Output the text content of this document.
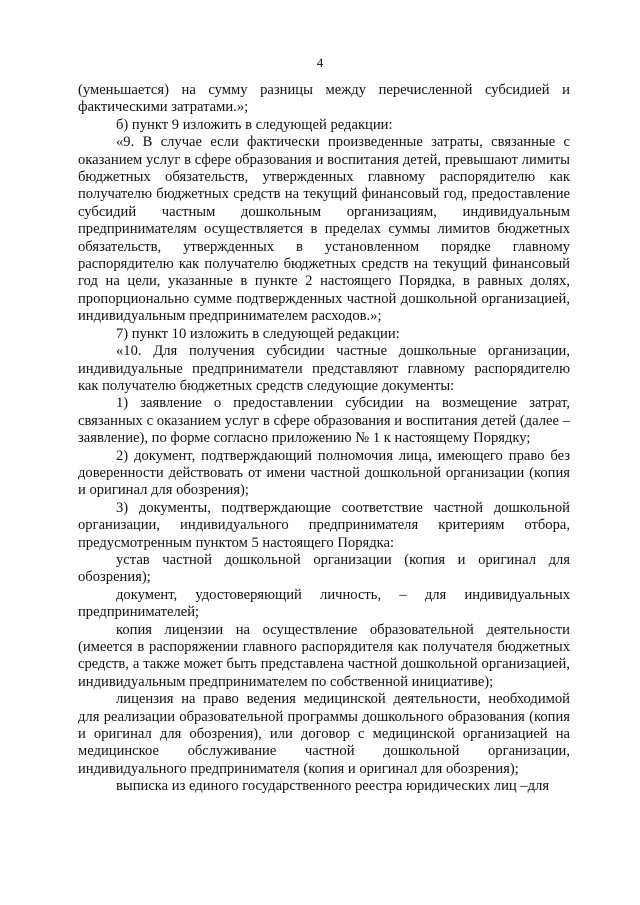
4

(уменьшается) на сумму разницы между перечисленной субсидией и фактическими затратами.»;

б) пункт 9 изложить в следующей редакции:

«9. В случае если фактически произведенные затраты, связанные с оказанием услуг в сфере образования и воспитания детей, превышают лимиты бюджетных обязательств, утвержденных главному распорядителю как получателю бюджетных средств на текущий финансовый год, предоставление субсидий частным дошкольным организациям, индивидуальным предпринимателям осуществляется в пределах суммы лимитов бюджетных обязательств, утвержденных в установленном порядке главному распорядителю как получателю бюджетных средств на текущий финансовый год на цели, указанные в пункте 2 настоящего Порядка, в равных долях, пропорционально сумме подтвержденных частной дошкольной организацией, индивидуальным предпринимателем расходов.»;

7) пункт 10 изложить в следующей редакции:

«10. Для получения субсидии частные дошкольные организации, индивидуальные предприниматели представляют главному распорядителю как получателю бюджетных средств следующие документы:

1) заявление о предоставлении субсидии на возмещение затрат, связанных с оказанием услуг в сфере образования и воспитания детей (далее – заявление), по форме согласно приложению № 1 к настоящему Порядку;

2) документ, подтверждающий полномочия лица, имеющего право без доверенности действовать от имени частной дошкольной организации (копия и оригинал для обозрения);

3) документы, подтверждающие соответствие частной дошкольной организации, индивидуального предпринимателя критериям отбора, предусмотренным пунктом 5 настоящего Порядка:

устав частной дошкольной организации (копия и оригинал для обозрения);

документ, удостоверяющий личность, – для индивидуальных предпринимателей;

копия лицензии на осуществление образовательной деятельности (имеется в распоряжении главного распорядителя как получателя бюджетных средств, а также может быть представлена частной дошкольной организацией, индивидуальным предпринимателем по собственной инициативе);

лицензия на право ведения медицинской деятельности, необходимой для реализации образовательной программы дошкольного образования (копия и оригинал для обозрения), или договор с медицинской организацией на медицинское обслуживание частной дошкольной организации, индивидуального предпринимателя (копия и оригинал для обозрения);

выписка из единого государственного реестра юридических лиц –для
